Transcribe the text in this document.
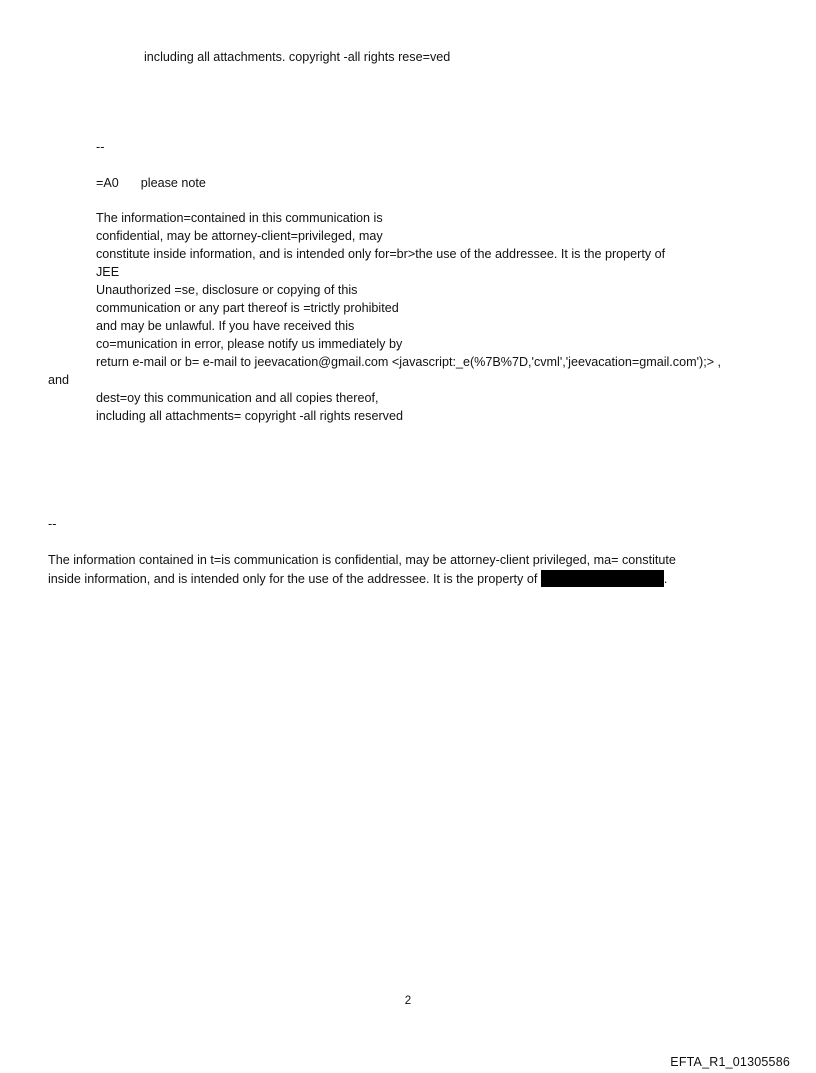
including all attachments. copyright -all rights rese=ved
--
=A0 please note
The information=contained in this communication is
confidential, may be attorney-client=privileged, may
constitute inside information, and is intended only for=br>the use of the addressee. It is the property of
JEE
Unauthorized =se, disclosure or copying of this
communication or any part thereof is =trictly prohibited
and may be unlawful. If you have received this
co=munication in error, please notify us immediately by
return e-mail or b= e-mail to jeevacation@gmail.com <javascript:_e(%7B%7D,'cvml','jeevacation=gmail.com');> ,
and
dest=oy this communication and all copies thereof,
including all attachments= copyright -all rights reserved
--
The information contained in t=is communication is confidential, may be attorney-client privileged, ma= constitute
inside information, and is intended only for the use of the addressee. It is the property of	.
2
EFTA_R1_01305586
